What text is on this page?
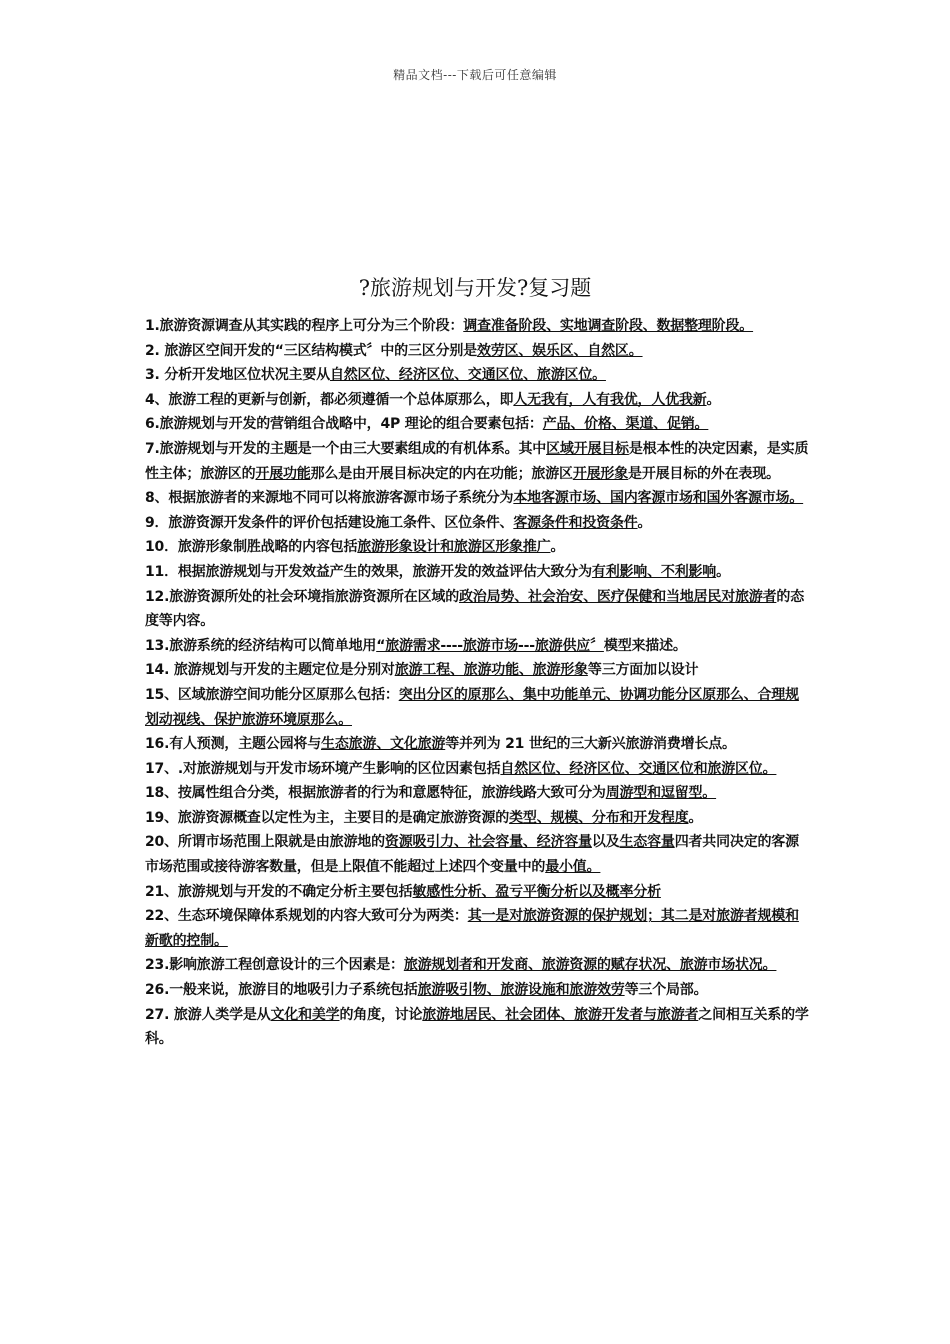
精品文档---下载后可任意编辑
?旅游规划与开发?复习题
1.旅游资源调查从其实践的程序上可分为三个阶段：调查准备阶段、实地调查阶段、数据整理阶段。
2. 旅游区空间开发的“三区结构模式〞中的三区分别是效劳区、娱乐区、自然区。
3. 分析开发地区位状况主要从自然区位、经济区位、交通区位、旅游区位。
4、旅游工程的更新与创新，都必须遵循一个总体原那么，即人无我有，人有我优，人优我新。
6.旅游规划与开发的营销组合战略中，4P 理论的组合要素包括：产品、价格、渠道、促销。
7.旅游规划与开发的主题是一个由三大要素组成的有机体系。其中区域开展目标是根本性的决定因素，是实质性主体；旅游区的开展功能那么是由开展目标决定的内在功能；旅游区开展形象是开展目标的外在表现。
8、根据旅游者的来源地不同可以将旅游客源市场子系统分为本地客源市场、国内客源市场和国外客源市场。
9．旅游资源开发条件的评价包括建设施工条件、区位条件、客源条件和投资条件。
10．旅游形象制胜战略的内容包括旅游形象设计和旅游区形象推广。
11．根据旅游规划与开发效益产生的效果，旅游开发的效益评估大致分为有利影响、不利影响。
12.旅游资源所处的社会环境指旅游资源所在区域的政治局势、社会治安、医疗保健和当地居民对旅游者的态度等内容。
13.旅游系统的经济结构可以简单地用“旅游需求----旅游市场---旅游供应〞模型来描述。
14. 旅游规划与开发的主题定位是分别对旅游工程、旅游功能、旅游形象等三方面加以设计
15、区域旅游空间功能分区原那么包括：突出分区的原那么、集中功能单元、协调功能分区原那么、合理规划动视线、保护旅游环境原那么。
16.有人预测，主题公园将与生态旅游、文化旅游等并列为 21 世纪的三大新兴旅游消费增长点。
17、.对旅游规划与开发市场环境产生影响的区位因素包括自然区位、经济区位、交通区位和旅游区位。
18、按属性组合分类，根据旅游者的行为和意愿特征，旅游线路大致可分为周游型和逗留型。
19、旅游资源概查以定性为主，主要目的是确定旅游资源的类型、规模、分布和开发程度。
20、所谓市场范围上限就是由旅游地的资源吸引力、社会容量、经济容量以及生态容量四者共同决定的客源市场范围或接待游客数量，但是上限值不能超过上述四个变量中的最小值。
21、旅游规划与开发的不确定分析主要包括敏感性分析、盈亏平衡分析以及概率分析
22、生态环境保障体系规划的内容大致可分为两类：其一是对旅游资源的保护规划；其二是对旅游者规模和新歌的控制。
23.影响旅游工程创意设计的三个因素是：旅游规划者和开发商、旅游资源的赋存状况、旅游市场状况。
26.一般来说，旅游目的地吸引力子系统包括旅游吸引物、旅游设施和旅游效劳等三个局部。
27. 旅游人类学是从文化和美学的角度，讨论旅游地居民、社会团体、旅游开发者与旅游者之间相互关系的学科。
